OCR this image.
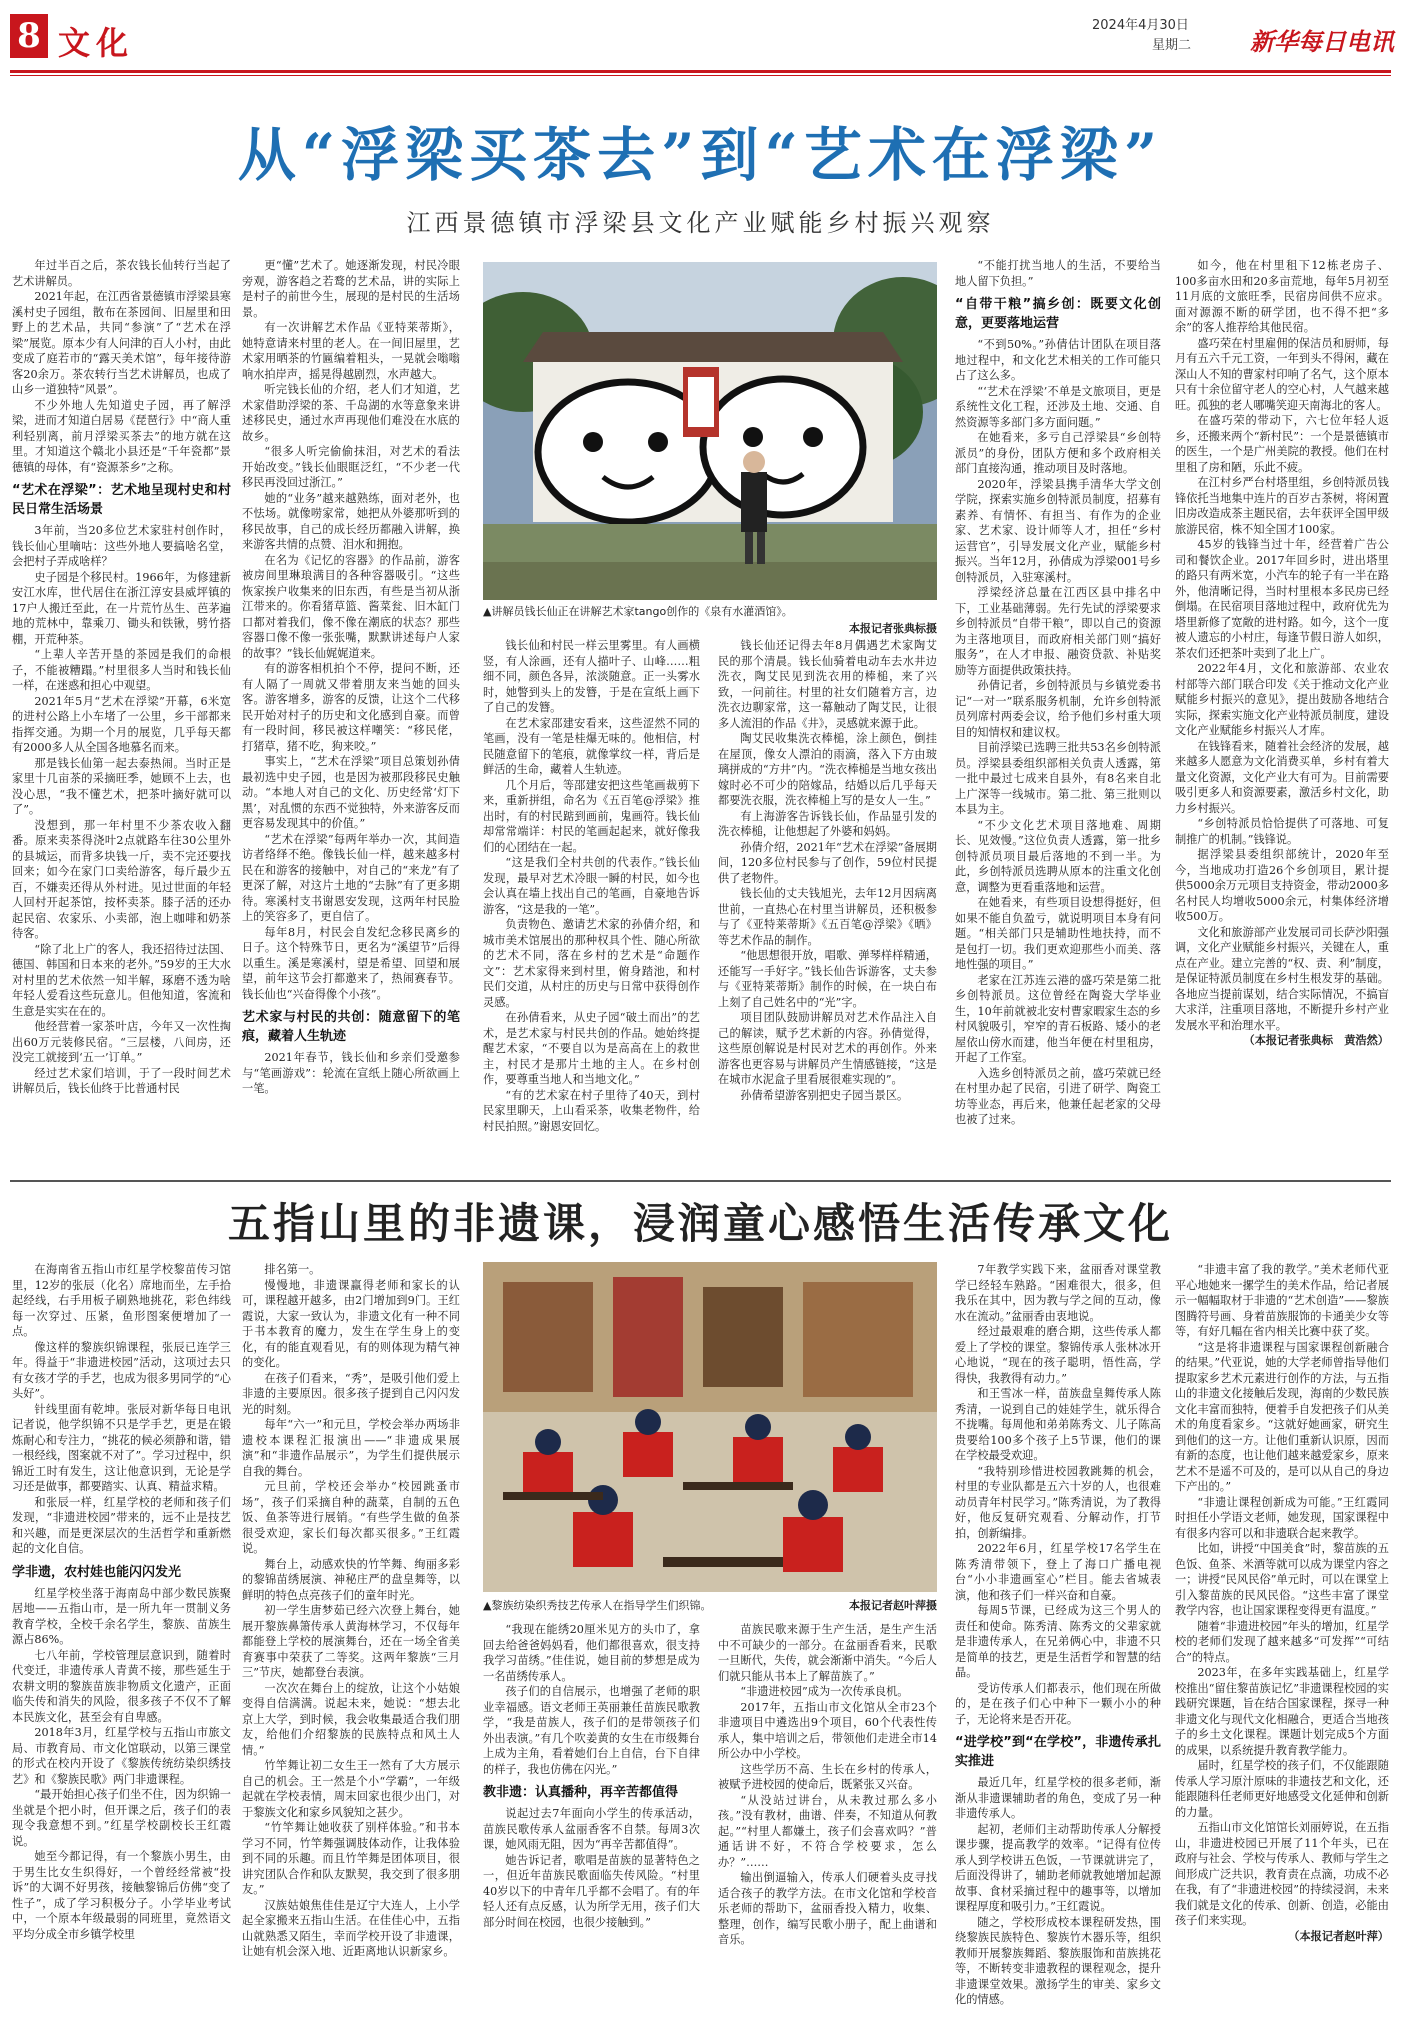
8 文化	2024年4月30日
星期二 新华每日电讯
从“浮梁买茶去”到“艺术在浮梁”
江西景德镇市浮梁县文化产业赋能乡村振兴观察

年过半百之后，茶农钱长仙转行当起了艺术讲解员。

2021年起，在江西省景德镇市浮梁县寒溪村史子园组，散布在茶园间、旧屋里和田野上的艺术品，共同“参演”了“艺术在浮梁”展览。原本少有人问津的百人小村，由此变成了庭若市的“露天美术馆”，每年接待游客20余万。茶农转行当艺术讲解员，也成了山乡一道独特“风景”。

不少外地人先知道史子园，再了解浮梁，进而才知道白居易《琵琶行》中“商人重利轻别离，前月浮梁买茶去”的地方就在这里。才知道这个赣北小县还是“千年瓷都”景德镇的母体，有“瓷源茶乡”之称。

“艺术在浮梁”：艺术地呈现村史和村民日常生活场景

3年前，当20多位艺术家驻村创作时，钱长仙心里嘀咕：这些外地人要搞啥名堂，会把村子弄成啥样？

史子园是个移民村。1966年，为修建新安江水库，世代居住在浙江淳安县威坪镇的17户人搬迁至此，在一片荒竹丛生、芭茅遍地的荒林中，靠乘刀、锄头和铁锹，劈竹搭棚，开荒种茶。

“上辈人辛苦开垦的茶园是我们的命根子，不能被糟蹋。”村里很多人当时和钱长仙一样，在迷惑和担心中观望。

2021年5月“艺术在浮梁”开幕，6米宽的进村公路上小车堵了一公里，乡干部都来指挥交通。为期一个月的展览，几乎每天都有2000多人从全国各地慕名而来。

那是钱长仙第一起去泰热闹。当时正是家里十几亩茶的采摘旺季，她顾不上去，也没心思，“我不懂艺术，把茶叶摘好就可以了”。

没想到，那一年村里不少茶农收入翻番。原来卖茶得浇叶2点就路车往30公里外的县城运，而背多块钱一斤，卖不完还要找回来；如今在家门口卖给游客，每斤最少五百，不嫌卖还得从外村进。见过世面的年轻人回村开起茶馆，按杯卖茶。膝子活的还办起民宿、农家乐、小卖部，泡上咖啡和奶茶待客。

“除了北上广的客人，我还招待过法国、德国、韩国和日本来的老外。”59岁的王大水对村里的艺术依然一知半解，琢磨不透为啥年轻人爱看这些玩意儿。但他知道，客流和生意是实实在在的。

他经营着一家茶叶店，今年又一次性掏出60万元装修民宿。“三层楼，八间房，还没完工就接到‘五一’订单。”

经过艺术家们培训，于了一段时间艺术讲解员后，钱长仙终于比普通村民

更“懂”艺术了。她逐渐发现，村民冷眼旁观，游客趋之若鹜的艺术品，讲的实际上是村子的前世今生，展现的是村民的生活场景。

有一次讲解艺术作品《亚特莱蒂斯》，她特意请来村里的老人。在一间旧屋里，艺术家用晒茶的竹匾编着粗头，一晃就会嗡嗡响水拍岸声，摇晃得越剧烈，水声越大。

听完钱长仙的介绍，老人们才知道，艺术家借助浮梁的茶、千岛湖的水等意象来讲述移民史，通过水声再现他们难没在水底的故乡。

“很多人听完偷偷抹泪，对艺术的看法开始改变。”钱长仙眼眶泛红，“不少老一代移民再没回过浙江。”

她的“业务”越来越熟练，面对老外，也不怯场。就像唠家常，她把从外婆那听到的移民故事，自己的成长经历都融入讲解，换来游客共情的点赞、泪水和拥抱。

在名为《记忆的容器》的作品前，游客被房间里琳琅满目的各种容器吸引。“这些恢家挨户收集来的旧东西，有些是当初从浙江带来的。你看猪草篮、酱菜瓮、旧木缸门口都对着我们，像不像在潮底的状态？那些容器口像不像一张张嘴，默默讲述每户人家的故事？”钱长仙娓娓道来。

有的游客相机拍个不停，提问不断，还有人隔了一周就又带着朋友来当她的回头客。游客增多，游客的反馈，让这个二代移民开始对村子的历史和文化感到自豪。而曾有一段时间，移民被这样嘲笑：“移民佬，打猪草，猪不吃，狗来咬。”

事实上，“艺术在浮梁”项目总策划孙倩最初选中史子园，也是因为被那段移民史触动。“本地人对自己的文化、历史经常‘灯下黑’，对乱惯的东西不觉独特，外来游客反而更容易发现其中的价值。”

“艺术在浮梁”每两年举办一次，其间造访者络绎不绝。像钱长仙一样，越来越多村民在和游客的接触中，对自己的“来龙”有了更深了解，对这片土地的“去脉”有了更多期待。寒溪村支书谢恩安发现，这两年村民脸上的笑容多了，更自信了。

每年8月，村民会自发纪念移民离乡的日子。这个特殊节日，更名为“溪望节”后得以重生。溪是寒溪村，望是希望、回望和展望，前年这节会打都邀来了，热闹赛春节。钱长仙也“兴奋得像个小孩”。

艺术家与村民的共创：随意留下的笔痕，藏着人生轨迹

2021年春节，钱长仙和乡亲们受邀参与“笔画游戏”：轮流在宣纸上随心所欲画上一笔。

▲讲解员钱长仙正在讲解艺术家tango创作的《泉有水灌酒馆》。
本报记者张典标摄

钱长仙和村民一样云里雾里。有人画横竖，有人涂画，还有人描叶子、山峰……粗细不同，颜色各异，浓淡随意。正一头雾水时，她瞥到头上的发簪，于是在宣纸上画下了自己的发簪。

在艺术家邵建安看来，这些涩然不同的笔画，没有一笔是桂爆无味的。他相信，村民随意留下的笔痕，就像掌纹一样，背后是鲜活的生命，藏着人生轨迹。

几个月后，等邵建安把这些笔画裁剪下来，重新拼组，命名为《五百笔@浮梁》推出时，有的村民踮到画前，鬼画符。钱长仙却常常端详：村民的笔画起起来，就好像我们的心团结在一起。

“这是我们全村共创的代表作。”钱长仙发现，最早对艺术冷眼一瞬的村民，如今也会认真在墙上找出自己的笔画，自豪地告诉游客，“这是我的一笔”。

负责物色、邀请艺术家的孙倩介绍，和城市美术馆展出的那种权具个性、随心所欲的艺术不同，落在乡村的艺术是“命题作文”：艺术家得来到村里，俯身踏池，和村民们交道，从村庄的历史与日常中获得创作灵感。

在孙倩看来，从史子园“破土而出”的艺术，是艺术家与村民共创的作品。她始终提醒艺术家，“不要自以为是高高在上的救世主，村民才是那片土地的主人。在乡村创作，要尊重当地人和当地文化。”

“有的艺术家在村子里待了40天，到村民家里聊天，上山看采茶，收集老物件，给村民拍照。”谢恩安回忆。

钱长仙还记得去年8月偶遇艺术家陶艾民的那个清晨。钱长仙骑着电动车去水井边洗衣，陶艾民见到洗衣用的棒槌，来了兴致，一问前往。村里的社女们随着方言，边洗衣边聊家常，这一幕触动了陶艾民，让很多人流泪的作品《井》，灵感就来源于此。

陶艾民收集洗衣棒槌，涂上颜色，倒挂在屋顶，像女人漂泊的雨滴，落入下方由玻璃拼成的“方井”内。“洗衣棒槌是当地女孩出嫁时必不可少的陪嫁品，结婚以后几乎每天都要洗衣服，洗衣棒槌上写的是女人一生。”

有上海游客告诉钱长仙，作品显引发的洗衣棒槌，让他想起了外婆和妈妈。

孙倩介绍，2021年“艺术在浮梁”备展期间，120多位村民参与了创作，59位村民提供了老物件。

钱长仙的丈夫钱旭光，去年12月因病离世前，一直热心在村里当讲解员，还积极参与了《亚特莱蒂斯》《五百笔@浮梁》《晒》等艺术作品的制作。

“他思想很开放，唱歌、弹琴样样精通，还能写一手好字。”钱长仙告诉游客，丈夫参与《亚特莱蒂斯》制作的时候，在一块白布上刻了自己姓名中的“光”字。

项目团队鼓励讲解员对艺术作品注入自己的解读，赋予艺术新的内容。孙倩觉得，这些原创解说是村民对艺术的再创作。外来游客也更容易与讲解员产生情感链接，“这是在城市水泥盒子里看展很难实现的”。

孙倩希望游客别把史子园当景区。

“不能打扰当地人的生活，不要给当地人留下负担。”

“自带干粮”搞乡创：既要文化创意，更要落地运营

“不到50%。”孙倩估计团队在项目落地过程中，和文化艺术相关的工作可能只占了这么多。

“‘艺术在浮梁’不单是文旅项目，更是系统性文化工程，还涉及土地、交通、自然资源等多部门多方面问题。”

在她看来，多亏自己浮梁县“乡创特派员”的身份，团队方便和多个政府相关部门直接沟通，推动项目及时落地。

2020年，浮梁县携手清华大学文创学院，探索实施乡创特派员制度，招募有素养、有情怀、有担当、有作为的企业家、艺术家、设计师等人才，担任“乡村运营官”，引导发展文化产业，赋能乡村振兴。当年12月，孙倩成为浮梁001号乡创特派员，入驻寒溪村。

浮梁经济总量在江西区县中排名中下，工业基础薄弱。先行先试的浮梁要求乡创特派员“自带干粮”，即以自己的资源为主落地项目，而政府相关部门则“搞好服务”，在人才申报、融资贷款、补贴奖励等方面提供政策扶持。

孙倩记者，乡创特派员与乡镇党委书记“一对一”联系服务机制，允许乡创特派员列席村两委会议，给予他们乡村重大项目的知情权和建议权。

目前浮梁已选聘三批共53名乡创特派员。浮梁县委组织部相关负责人透露，第一批中最过七成来自县外，有8名来自北上广深等一线城市。第二批、第三批则以本县为主。

“不少文化艺术项目落地难、周期长、见效慢。”这位负责人透露，第一批乡创特派员项目最后落地的不到一半。为此，乡创特派员选聘从原本的注重文化创意，调整为更看重落地和运营。

在她看来，有些项目设想得挺好，但如果不能自负盈亏，就说明项目本身有问题。“相关部门只是辅助性地扶持，而不是包打一切。我们更欢迎那些小而美、落地性强的项目。”

老家在江苏连云港的盛巧荣是第二批乡创特派员。这位曾经在陶瓷大学毕业生，10年前就被北安村曹家暇家生态的乡村风貌吸引，窄窄的青石板路、矮小的老屋依山傍水而建，他当年便在村里租房，开起了工作室。

入选乡创特派员之前，盛巧荣就已经在村里办起了民宿，引进了研学、陶瓷工坊等业态，再后来，他兼任起老家的父母也被了过来。

如今，他在村里租下12栋老房子、100多亩水田和20多亩荒地，每年5月初至11月底的文旅旺季，民宿房间供不应求。面对源源不断的研学团，也不得不把“多余”的客人推荐给其他民宿。

盛巧荣在村里雇佣的保洁员和厨师，每月有五六千元工资，一年到头不得闲，藏在深山人不知的曹家村印响了名气，这个原本只有十余位留守老人的空心村，人气越来越旺。孤独的老人哪嘴笑迎天南海北的客人。

在盛巧荣的带动下，六七位年轻人返乡，还搬来两个“新村民”：一个是景德镇市的医生，一个是广州美院的教授。他们在村里租了房和陋，乐此不疲。

在江村乡严台村塔里组，乡创特派员钱锋依托当地集中连片的百岁古茶树，将闲置旧房改造成茶主题民宿，去年获评全国甲级旅游民宿，株不知全国才100家。

45岁的钱锋当过十年，经营着广告公司和餐饮企业。2017年回乡时，进出塔里的路只有两米宽，小汽车的轮子有一半在路外，他清晰记得，当时村里根本多民房已经倒塌。在民宿项目落地过程中，政府优先为塔里新修了宽敞的进村路。如今，这个一度被人遗忘的小村庄，每逢节假日游人如织，茶农们还把茶叶卖到了北上广。

2022年4月，文化和旅游部、农业农村部等六部门联合印发《关于推动文化产业赋能乡村振兴的意见》，提出鼓励各地结合实际，探索实施文化产业特派员制度，建设文化产业赋能乡村振兴人才库。

在钱锋看来，随着社会经济的发展，越来越多人愿意为文化消费买单，乡村有着大量文化资源，文化产业大有可为。目前需要吸引更多人和资源要素，激活乡村文化，助力乡村振兴。

“乡创特派员恰恰提供了可落地、可复制推广的机制。”钱锋说。

据浮梁县委组织部统计，2020年至今，当地成功打造26个乡创项目，累计提供5000余万元项目支持资金，带动2000多名村民人均增收5000余元，村集体经济增收500万。

文化和旅游部产业发展司司长萨沙阳强调，文化产业赋能乡村振兴，关键在人，重点在产业。建立完善的“权、责、利”制度，是保证特派员制度在乡村生根发芽的基础。各地应当提前谋划，结合实际情况，不搞盲大求洋，注重项目落地，不断提升乡村产业发展水平和治理水平。

（本报记者张典标　黄浩然）

五指山里的非遗课，浸润童心感悟生活传承文化

在海南省五指山市红星学校黎苗传习馆里，12岁的张辰（化名）席地而坐，左手拾起经线，右手用板子刷熟地挑花，彩色纬线每一次穿过、压紧，鱼形图案便增加了一点。

像这样的黎族织锦课程，张辰已连学三年。得益于“非遗进校园”活动，这项过去只有女孩才学的手艺，也成为很多男同学的“心头好”。

针线里面有乾坤。张辰对新华每日电讯记者说，他学织锦不只是学手艺，更是在锻炼耐心和专注力，“挑花的候必须静和谐，错一根经线，图案就不对了”。学习过程中，织锦近工时有发生，这让他意识到，无论是学习还是做事，都要踏实、认真、精益求精。

和张辰一样，红星学校的老师和孩子们发现，“非遗进校园”带来的，远不止是技艺和兴趣，而是更深层次的生活哲学和重新燃起的文化自信。

学非遗，农村娃也能闪闪发光

红星学校坐落于海南岛中部少数民族聚居地——五指山市，是一所九年一贯制义务教育学校，全校千余名学生，黎族、苗族生源占86%。

七八年前，学校管理层意识到，随着时代变迁，非遗传承人青黄不接，那些延生于农耕文明的黎族苗族非物质文化遗产，正面临失传和消失的风险，很多孩子不仅不了解本民族文化，甚至会有自卑感。

2018年3月，红星学校与五指山市旅文局、市教育局、市文化馆联动，以第三课堂的形式在校内开设了《黎族传统纺染织绣技艺》和《黎族民歌》两门非遗课程。

“最开始担心孩子们坐不住，因为织锦一坐就是个把小时，但开课之后，孩子们的表现令我意想不到。”红星学校副校长王红霞说。

她至今都记得，有一个黎族小男生，由于男生比女生织得好，一个曾经经常被“投诉”的大调不好男孩，接触黎锦后仿佛“变了性子”，成了学习积极分子。小学毕业考试中，一个原本年级最弱的同班里，竟然语文平均分成全市乡镇学校里

排名第一。

慢慢地，非遗课赢得老师和家长的认可，课程越开越多，由2门增加到9门。王红霞说，大家一致认为，非遗文化有一种不同于书本教育的魔力，发生在学生身上的变化，有的能直观看见，有的则体现为精气神的变化。

在孩子们看来，“秀”，是吸引他们爱上非遗的主要原因。很多孩子提到自己闪闪发光的时刻。

每年“六一”和元旦，学校会举办两场非遗校本课程汇报演出——“非遗成果展演”和“非遗作品展示”，为学生们提供展示自我的舞台。

元旦前，学校还会举办“校园跳蚤市场”，孩子们采摘自种的蔬菜，自制的五色饭、鱼茶等进行展销。“有些学生做的鱼茶很受欢迎，家长们每次都买很多。”王红霞说。

舞台上，动感欢快的竹竿舞、绚丽多彩的黎锦苗绣展演、神秘庄严的盘皇舞等，以鲜明的特色点亮孩子们的童年时光。

初一学生唐梦茹已经六次登上舞台，她展开黎族鼻箫传承人黄海林学习，不仅每年都能登上学校的展演舞台，还在一场全省美育赛事中荣获了二等奖。这两年黎族“三月三”节庆，她都登台表演。

一次次在舞台上的绽放，让这个小姑娘变得自信满满。说起未来，她说：“想去北京上大学，到时候，我会收集最适合我们朋友，给他们介绍黎族的民族特点和风土人情。”

竹竿舞让初二女生王一然有了大方展示自己的机会。王一然是个小“学霸”，一年级起就在学校表情，周末回家也很少出门，对于黎族文化和家乡风貌知之甚少。

“竹竿舞让她收获了别样体验。”和书本学习不同，竹竿舞强调肢体动作，让我体验到不同的乐趣。而且竹竿舞是团体项目，很讲究团队合作和队友默契，我交到了很多朋友。”

汉族姑娘焦佳佳是辽宁大连人，上小学起全家搬来五指山生活。在佳佳心中，五指山就熟悉又陌生，幸而学校开设了非遗课，让她有机会深入地、近距离地认识新家乡。

▲黎族纺染织秀技艺传承人在指导学生们织锦。	本报记者赵叶萍摄

“我现在能绣20厘米见方的头巾了，拿回去给爸爸妈妈看，他们都很喜欢，很支持我学习苗绣。”佳佳说，她目前的梦想是成为一名苗绣传承人。

孩子们的自信展示，也增强了老师的职业幸福感。语文老师王英丽兼任苗族民歌教学，“我是苗族人，孩子们的是带领孩子们外出表演。”有几个吹姜黄的女生在市级舞台上成为主角，看着她们台上自信，台下自律的样子，我也仿佛在闪光。”

教非遗：认真播种，再辛苦都值得

说起过去7年面向小学生的传承活动，苗族民歌传承人盆丽香客不自禁。每周3次课，她风雨无阻，因为“再辛苦都值得”。

她告诉记者，歌唱是苗族的显著特色之一，但近年苗族民歌面临失传风险。“村里40岁以下的中青年几乎都不会唱了。有的年轻人还有点反感，认为所学无用，孩子们大部分时间在校园，也很少接触到。”

苗族民歌来源于生产生活，是生产生活中不可缺少的一部分。在盆丽香看来，民歌一旦断代，失传，就会渐渐中消失。“今后人们就只能从书本上了解苗族了。”

“非遗进校园”成为一次传承良机。

2017年，五指山市文化馆从全市23个非遗项目中遴选出9个项目，60个代表性传承人，集中培训之后，带领他们走进全市14所公办中小学校。

这些学历不高、生长在乡村的传承人，被赋予进校园的使命后，既紧张又兴奋。

“从没站过讲台，从未教过那么多小孩。”没有教材，曲谱、伴奏，不知道从何教起。”“村里人都嫌土，孩子们会喜欢吗？”普通话讲不好，不符合学校要求，怎么办？”……

输出倒逼输入，传承人们硬着头皮寻找适合孩子的教学方法。在市文化馆和学校音乐老师的帮助下，盆丽香投入精力，收集、整理，创作，编写民歌小册子，配上曲谱和音乐。

7年教学实践下来，盆丽香对课堂教学已经轻车熟路。“困难很大，很多，但我乐在其中，因为教与学之间的互动，像水在流动。”盆丽香由衷地说。

经过最艰难的磨合期，这些传承人都爱上了学校的课堂。黎锦传承人张林冰开心地说，“现在的孩子聪明，悟性高，学得快，我教得有动力。”

和王雪冰一样，苗族盘皇舞传承人陈秀清，一说到自己的娃娃学生，就乐得合不拢嘴。每周他和弟弟陈秀文、儿子陈高贵要给100多个孩子上5节课，他们的课在学校最受欢迎。

“我特别珍惜进校园教跳舞的机会，村里的专业队都是五六十岁的人，也很难动员青年村民学习。”陈秀清说，为了教得好，他反复研究观看、分解动作，打节拍，创新编排。

2022年6月，红星学校17名学生在陈秀清带领下，登上了海口广播电视台“小小非遗画室心”栏目。能去省城表演，他和孩子们一样兴奋和自豪。

每周5节课，已经成为这三个男人的责任和使命。陈秀清、陈秀文的父辈家就是非遗传承人，在兄弟俩心中，非遗不只是简单的技艺，更是生活哲学和智慧的结晶。

受访传承人们都表示，他们现在所做的，是在孩子们心中种下一颗小小的种子，无论将来是否开花。

“进学校”到“在学校”，非遗传承扎实推进

最近几年，红星学校的很多老师，渐渐从非遗课辅助者的角色，变成了另一种非遗传承人。

起初，老师们主动帮助传承人分解授课步骤，提高教学的效率。“记得有位传承人到学校讲五色饭，一节课就讲完了，后面没得讲了，辅助老师就教她增加起源故事、食材采摘过程中的趣事等，以增加课程厚度和吸引力。”王红霞说。

随之，学校形成校本课程研发热，围绕黎族民族特色、黎族竹木器乐等，组织教师开展黎族舞蹈、黎族服饰和苗族挑花等，不断转变非遗教程的课程观念，提升非遗课堂效果。激扬学生的审美、家乡文化的情感。

“非遗丰富了我的教学。”美术老师代亚平心地她来一摞学生的美术作品，给记者展示一幅幅取材于非遗的“艺术创造”——黎族图腾符号画、身着苗族服饰的卡通美少女等等，有好几幅在省内相关比赛中获了奖。

“这是将非遗课程与国家课程创新融合的结果。”代亚说，她的大学老师曾指导他们提取家乡艺术元素进行创作的方法，与五指山的非遗文化接触后发现，海南的少数民族文化丰富而独特，便着手自发把孩子们从美术的角度看家乡。“这就好她画家，研究生到他们的这一方。让他们重新认识原，因而有新的态度，也让他们越来越爱家乡，原来艺术不是遥不可及的，是可以从自己的身边下产出的。”

“非遗让课程创新成为可能。”王红霞同时担任小学语文老师，她发现，国家课程中有很多内容可以和非遗联合起来教学。

比如，讲授“中国美食”时，黎苗族的五色饭、鱼茶、米酒等就可以成为课堂内容之一；讲授“民风民俗”单元时，可以在课堂上引入黎苗族的民风民俗。“这些丰富了课堂教学内容，也让国家课程变得更有温度。”

随着“非遗进校园”年头的增加，红星学校的老师们发现了越来越多“可发挥”“可结合”的特点。

2023年，在多年实践基础上，红星学校推出“留住黎苗族记忆”非遗课程校园的实践研究课题，旨在结合国家课程，探寻一种非遗文化与现代文化相融合，更适合当地孩子的乡土文化课程。课题计划完成5个方面的成果，以系统提升教育教学能力。

届时，红星学校的孩子们，不仅能跟随传承人学习原汁原味的非遗技艺和文化，还能跟随科任老师更好地感受文化延伸和创新的力量。

五指山市文化馆馆长刘丽婷说，在五指山，非遗进校园已开展了11个年头，已在政府与社会、学校与传承人、教师与学生之间形成广泛共识，教育责在点滴，功成不必在我，有了“非遗进校园”的持续浸润，未来我们就是文化的传承、创新、创造，必能由孩子们来实现。

（本报记者赵叶萍）
